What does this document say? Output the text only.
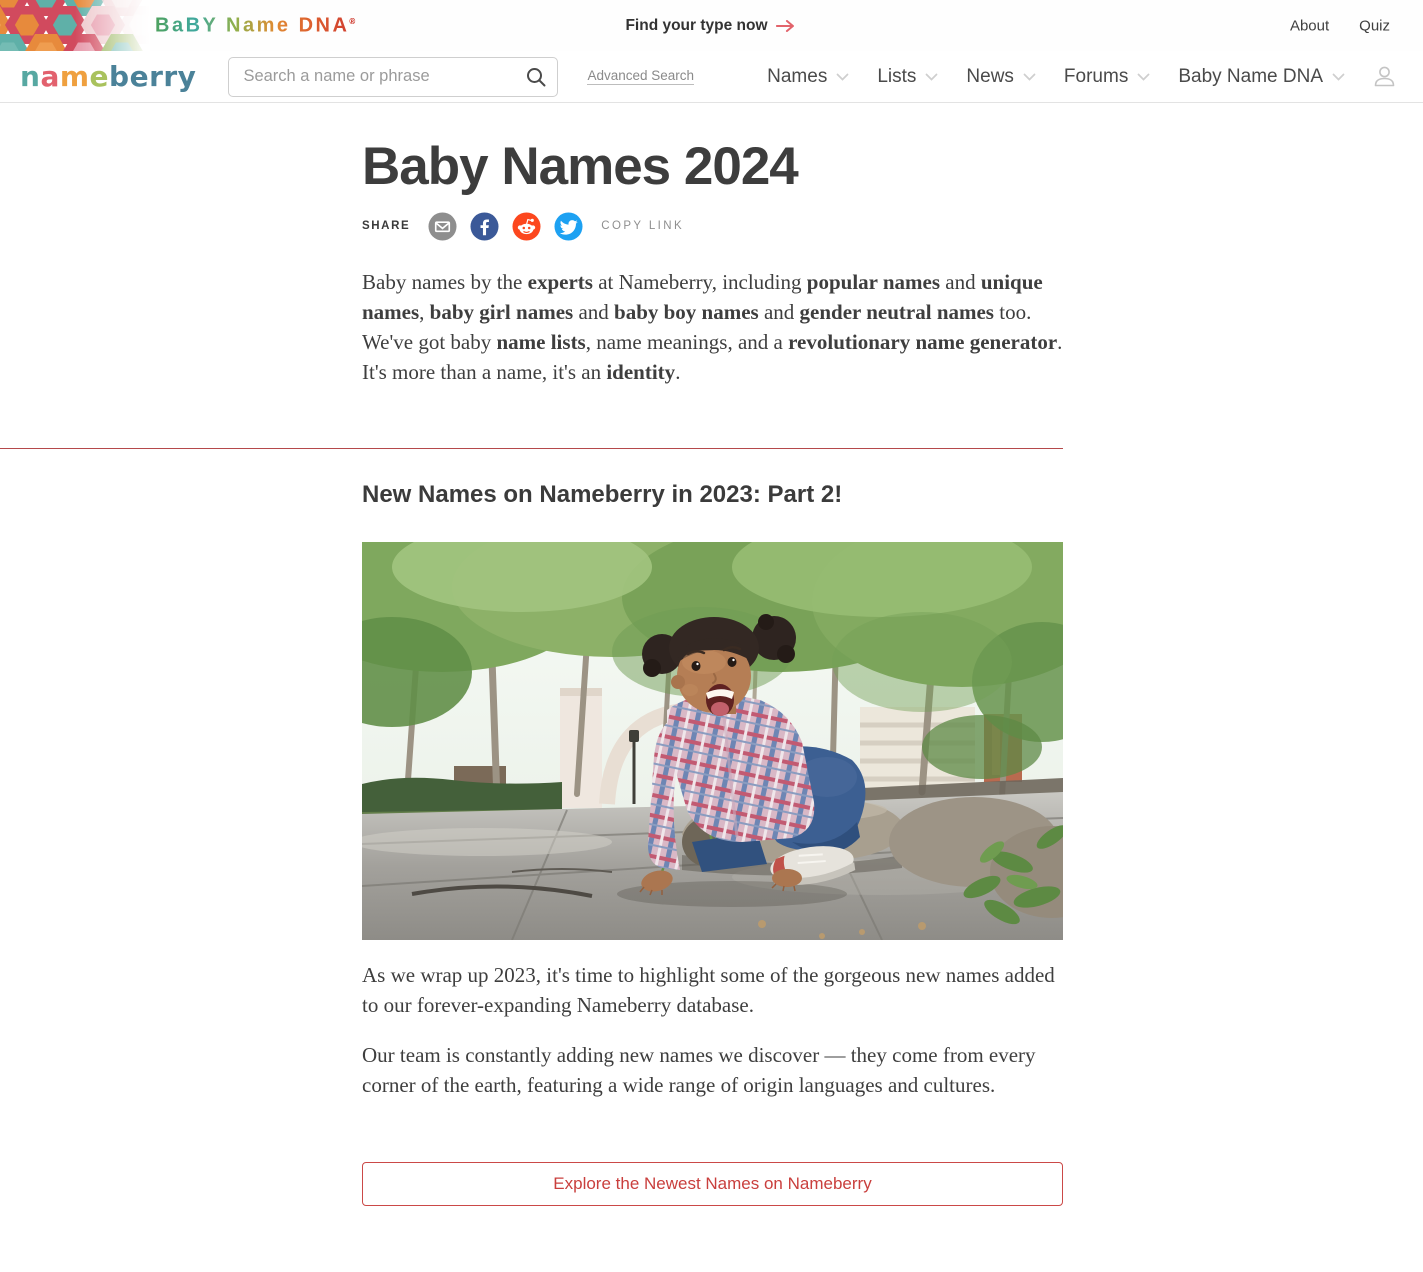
BaBY Name DNA®	Find your type now	About Quiz
nameberry
Search a name or phrase	Advanced Search	Names	Lists	News	Forums	Baby Name DNA
Baby Names 2024
SHARE	COPY LINK

Baby names by the experts at Nameberry, including popular names and unique names, baby girl names and baby boy names and gender neutral names too. We've got baby name lists, name meanings, and a revolutionary name generator. It's more than a name, it's an identity.

New Names on Nameberry in 2023: Part 2!

As we wrap up 2023, it's time to highlight some of the gorgeous new names added to our forever-expanding Nameberry database.

Our team is constantly adding new names we discover — they come from every corner of the earth, featuring a wide range of origin languages and cultures.

Explore the Newest Names on Nameberry
